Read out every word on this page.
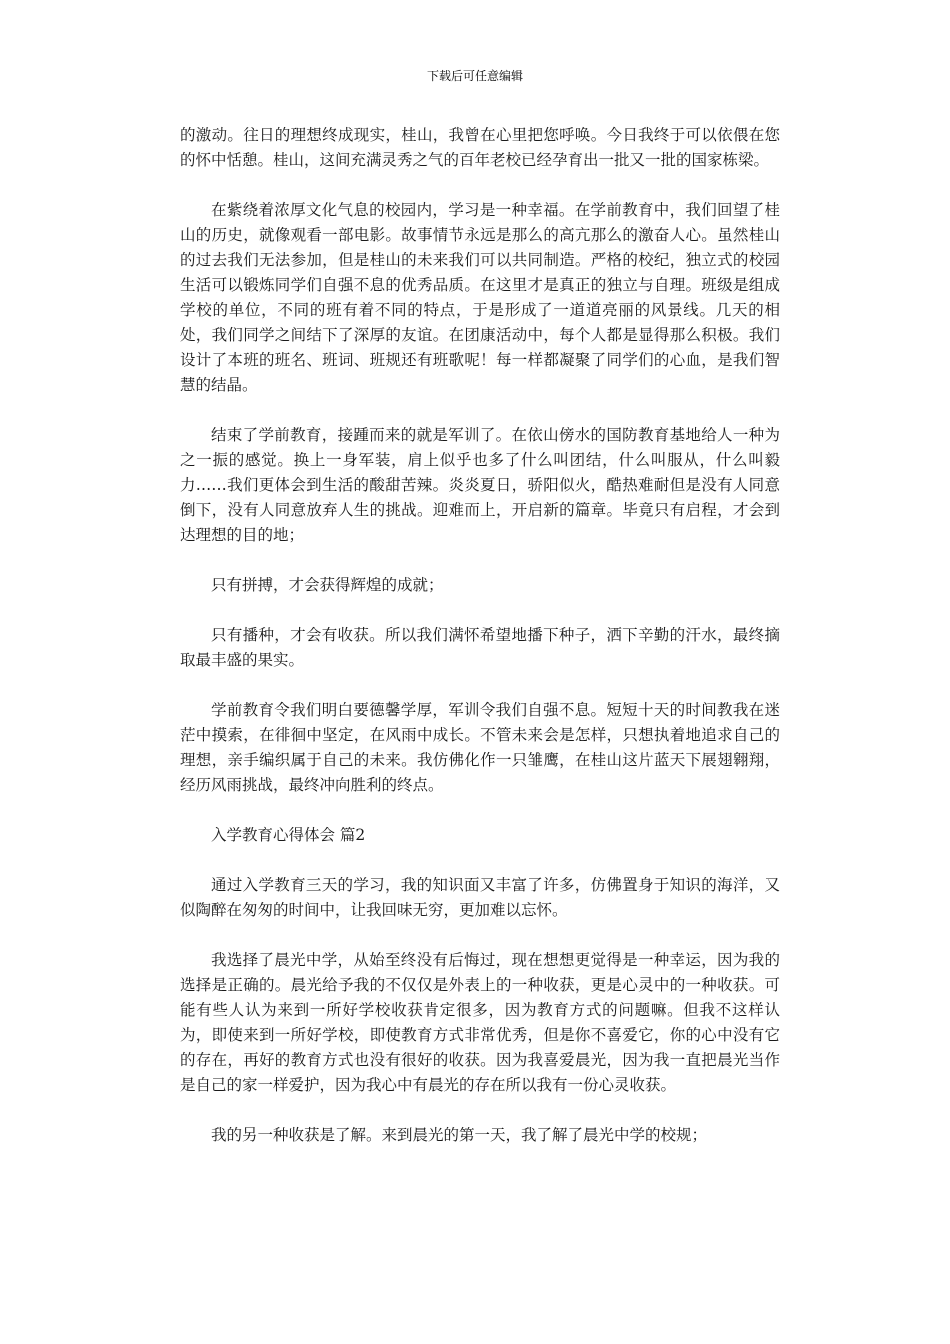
下载后可任意编辑

的激动。往日的理想终成现实，桂山，我曾在心里把您呼唤。今日我终于可以依偎在您的怀中恬憩。桂山，这间充满灵秀之气的百年老校已经孕育出一批又一批的国家栋梁。

在紫绕着浓厚文化气息的校园内，学习是一种幸福。在学前教育中，我们回望了桂山的历史，就像观看一部电影。故事情节永远是那么的高亢那么的激奋人心。虽然桂山的过去我们无法参加，但是桂山的未来我们可以共同制造。严格的校纪，独立式的校园生活可以锻炼同学们自强不息的优秀品质。在这里才是真正的独立与自理。班级是组成学校的单位，不同的班有着不同的特点，于是形成了一道道亮丽的风景线。几天的相处，我们同学之间结下了深厚的友谊。在团康活动中，每个人都是显得那么积极。我们设计了本班的班名、班词、班规还有班歌呢！每一样都凝聚了同学们的心血，是我们智慧的结晶。

结束了学前教育，接踵而来的就是军训了。在依山傍水的国防教育基地给人一种为之一振的感觉。换上一身军装，肩上似乎也多了什么叫团结，什么叫服从，什么叫毅力……我们更体会到生活的酸甜苦辣。炎炎夏日，骄阳似火，酷热难耐但是没有人同意倒下，没有人同意放弃人生的挑战。迎难而上，开启新的篇章。毕竟只有启程，才会到达理想的目的地；

只有拼搏，才会获得辉煌的成就；

只有播种，才会有收获。所以我们满怀希望地播下种子，洒下辛勤的汗水，最终摘取最丰盛的果实。

学前教育令我们明白要德馨学厚，军训令我们自强不息。短短十天的时间教我在迷茫中摸索，在徘徊中坚定，在风雨中成长。不管未来会是怎样，只想执着地追求自己的理想，亲手编织属于自己的未来。我仿佛化作一只雏鹰，在桂山这片蓝天下展翅翱翔，经历风雨挑战，最终冲向胜利的终点。

入学教育心得体会 篇2

通过入学教育三天的学习，我的知识面又丰富了许多，仿佛置身于知识的海洋，又似陶醉在匆匆的时间中，让我回味无穷，更加难以忘怀。

我选择了晨光中学，从始至终没有后悔过，现在想想更觉得是一种幸运，因为我的选择是正确的。晨光给予我的不仅仅是外表上的一种收获，更是心灵中的一种收获。可能有些人认为来到一所好学校收获肯定很多，因为教育方式的问题嘛。但我不这样认为，即使来到一所好学校，即使教育方式非常优秀，但是你不喜爱它，你的心中没有它的存在，再好的教育方式也没有很好的收获。因为我喜爱晨光，因为我一直把晨光当作是自己的家一样爱护，因为我心中有晨光的存在所以我有一份心灵收获。

我的另一种收获是了解。来到晨光的第一天，我了解了晨光中学的校规；
